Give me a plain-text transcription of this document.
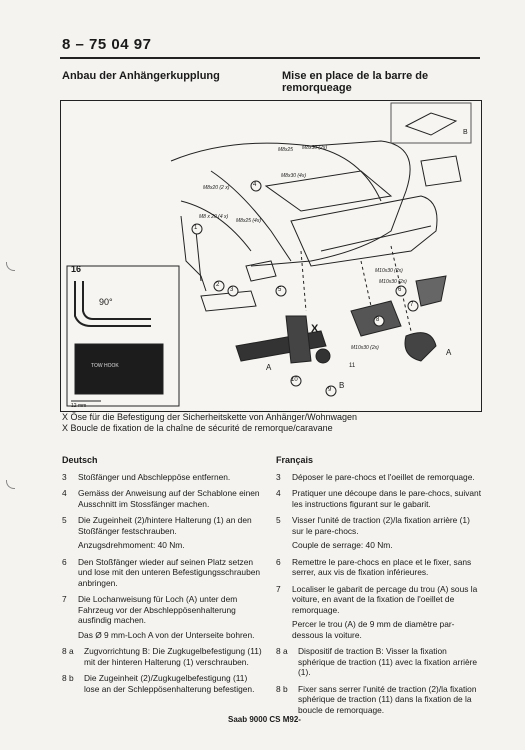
8 – 75 04 97
Anbau der Anhängerkupplung	Mise en place de la barre de remorqueage
16
90°
TOW HOOK
12 mm
M8x25 M8x30 (2x)
M8x30 (4x)
M8x20 (2 x)
M8 x 20 (4 x)
M8x25 (4x)
M10x30 (2x)
M10x30 (2x)
M10x30 (2x)
1
2
3
4
5	6
7
8
9
10
11
X
A
A
B
B
X Öse für die Befestigung der Sicherheitskette von Anhänger/Wohnwagen
X Boucle de fixation de la chaîne de sécurité de remorque/caravane
Deutsch
3	Stoßfänger und Abschleppöse entfernen.
4	Gemäss der Anweisung auf der Schablone einen Ausschnitt im Stossfänger machen.
5	Die Zugeinheit (2)/hintere Halterung (1) an den Stoßfänger festschrauben.
Anzugsdrehmoment: 40 Nm.
6	Den Stoßfänger wieder auf seinen Platz setzen und lose mit den unteren Befestigungsschrauben anbringen.
7	Die Lochanweisung für Loch (A) unter dem Fahrzeug vor der Abschleppösenhalterung ausfindig machen.
Das Ø 9 mm-Loch A von der Unterseite bohren.
8 a	Zugvorrichtung B: Die Zugkugelbefestigung (11) mit der hinteren Halterung (1) verschrauben.
8 b	Die Zugeinheit (2)/Zugkugelbefestigung (11) lose an der Schleppösenhalterung befestigen.
Français
3	Déposer le pare-chocs et l'oeillet de remorquage.
4	Pratiquer une découpe dans le pare-chocs, suivant les instructions figurant sur le gabarit.
5	Visser l'unité de traction (2)/la fixation arrière (1) sur le pare-chocs.
Couple de serrage: 40 Nm.
6	Remettre le pare-chocs en place et le fixer, sans serrer, aux vis de fixation inférieures.
7	Localiser le gabarit de percage du trou (A) sous la voiture, en avant de la fixation de l'oeillet de remorquage.
Percer le trou (A) de 9 mm de diamètre par-dessous la voiture.
8 a	Dispositif de traction B: Visser la fixation sphérique de traction (11) avec la fixation arrière (1).
8 b	Fixer sans serrer l'unité de traction (2)/la fixation sphérique de traction (11) dans la fixation de la boucle de remorquage.
Saab 9000 CS M92-
